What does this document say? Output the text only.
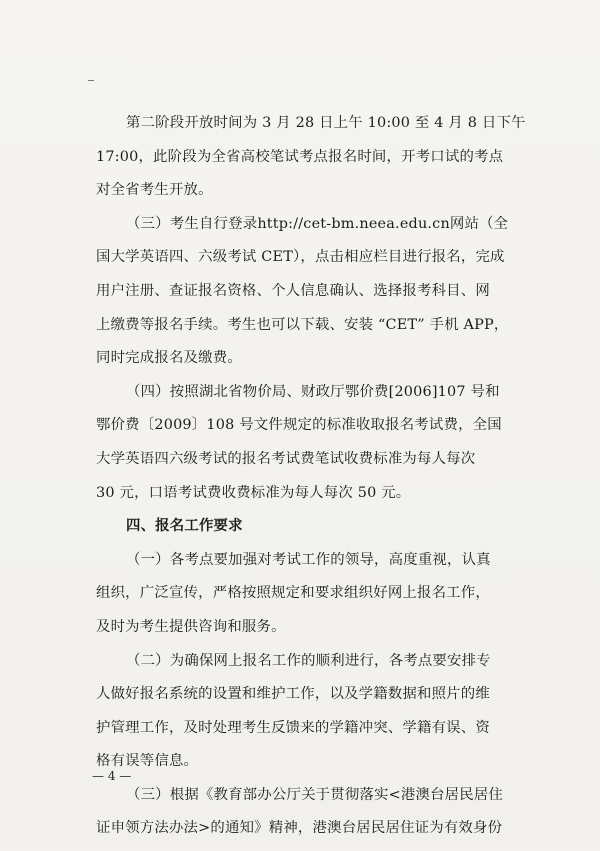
第二阶段开放时间为 3 月 28 日上午 10:00 至 4 月 8 日下午
17:00，此阶段为全省高校笔试考点报名时间，开考口试的考点
对全省考生开放。
（三）考生自行登录http://cet-bm.neea.edu.cn网站（全
国大学英语四、六级考试 CET），点击相应栏目进行报名，完成
用户注册、查证报名资格、个人信息确认、选择报考科目、网
上缴费等报名手续。考生也可以下载、安装 “CET” 手机 APP，
同时完成报名及缴费。
（四）按照湖北省物价局、财政厅鄂价费[2006]107 号和
鄂价费〔2009〕108 号文件规定的标准收取报名考试费，全国
大学英语四六级考试的报名考试费笔试收费标准为每人每次
30 元，口语考试费收费标准为每人每次 50 元。
四、报名工作要求
（一）各考点要加强对考试工作的领导，高度重视，认真
组织，广泛宣传，严格按照规定和要求组织好网上报名工作，
及时为考生提供咨询和服务。
（二）为确保网上报名工作的顺利进行，各考点要安排专
人做好报名系统的设置和维护工作，以及学籍数据和照片的维
护管理工作，及时处理考生反馈来的学籍冲突、学籍有误、资
格有误等信息。
（三）根据《教育部办公厅关于贯彻落实<港澳台居民居住
证申领方法办法>的通知》精神，港澳台居民居住证为有效身份
— 4 —
